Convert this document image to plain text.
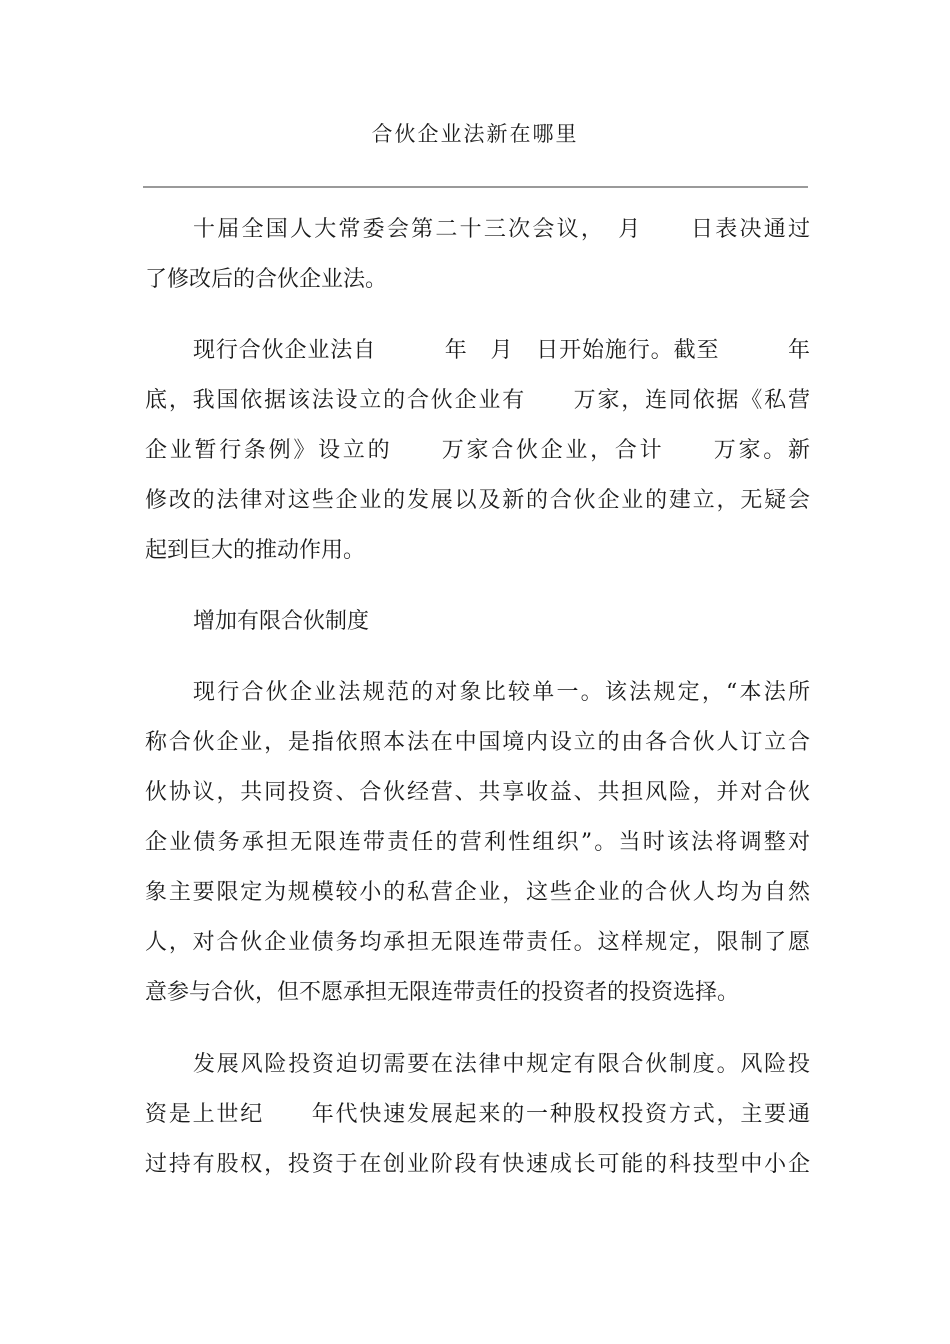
合伙企业法新在哪里
十届全国人大常委会第二十三次会议，　月　　日表决通过
了修改后的合伙企业法。
现行合伙企业法自　　　年　月　日开始施行。截至　　　年
底，我国依据该法设立的合伙企业有　　万家，连同依据《私营
企业暂行条例》设立的　　万家合伙企业，合计　　万家。新
修改的法律对这些企业的发展以及新的合伙企业的建立，无疑会
起到巨大的推动作用。
增加有限合伙制度
现行合伙企业法规范的对象比较单一。该法规定，“本法所
称合伙企业，是指依照本法在中国境内设立的由各合伙人订立合
伙协议，共同投资、合伙经营、共享收益、共担风险，并对合伙
企业债务承担无限连带责任的营利性组织”。当时该法将调整对
象主要限定为规模较小的私营企业，这些企业的合伙人均为自然
人，对合伙企业债务均承担无限连带责任。这样规定，限制了愿
意参与合伙，但不愿承担无限连带责任的投资者的投资选择。
发展风险投资迫切需要在法律中规定有限合伙制度。风险投
资是上世纪　　年代快速发展起来的一种股权投资方式，主要通
过持有股权，投资于在创业阶段有快速成长可能的科技型中小企
